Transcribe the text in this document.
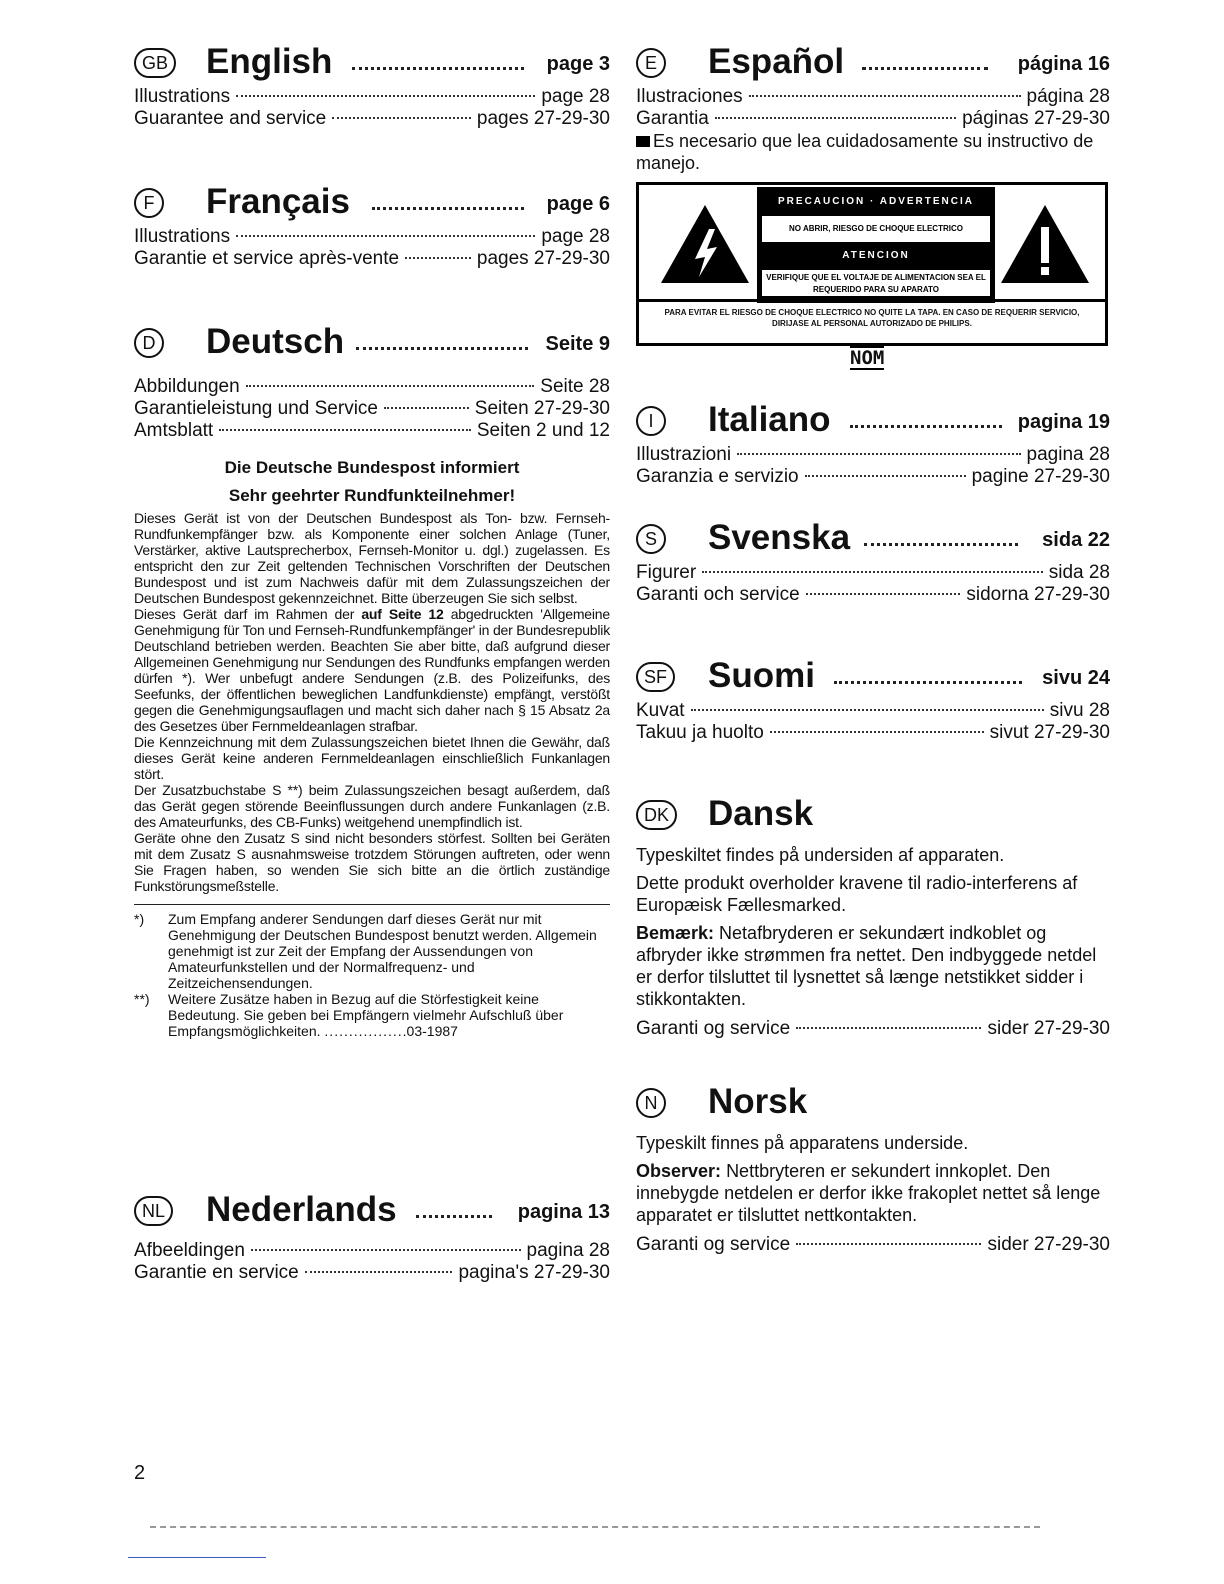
GB English	page 3
Illustrations	page 28
Guarantee and service	pages 27-29-30
F Français	page 6
Illustrations	page 28
Garantie et service après-vente	pages 27-29-30
D Deutsch	Seite 9
Abbildungen	Seite 28
Garantieleistung und Service	Seiten 27-29-30
Amtsblatt	Seiten 2 und 12
Die Deutsche Bundespost informiert
Sehr geehrter Rundfunkteilnehmer!

Dieses Gerät ist von der Deutschen Bundespost als Ton- bzw. Fernseh-Rundfunkempfänger bzw. als Komponente einer solchen Anlage (Tuner, Verstärker, aktive Lautsprecherbox, Fernseh-Monitor u. dgl.) zugelassen. Es entspricht den zur Zeit geltenden Technischen Vorschriften der Deutschen Bundespost und ist zum Nachweis dafür mit dem Zulassungszeichen der Deutschen Bundespost gekennzeichnet. Bitte überzeugen Sie sich selbst.

Dieses Gerät darf im Rahmen der auf Seite 12 abgedruckten 'Allgemeine Genehmigung für Ton und Fernseh-Rundfunkempfänger' in der Bundesrepublik Deutschland betrieben werden. Beachten Sie aber bitte, daß aufgrund dieser Allgemeinen Genehmigung nur Sendungen des Rundfunks empfangen werden dürfen *). Wer unbefugt andere Sendungen (z.B. des Polizeifunks, des Seefunks, der öffentlichen beweglichen Landfunkdienste) empfängt, verstößt gegen die Genehmigungsauflagen und macht sich daher nach § 15 Absatz 2a des Gesetzes über Fernmeldeanlagen strafbar.

Die Kennzeichnung mit dem Zulassungszeichen bietet Ihnen die Gewähr, daß dieses Gerät keine anderen Fernmeldeanlagen einschließlich Funkanlagen stört.

Der Zusatzbuchstabe S **) beim Zulassungszeichen besagt außerdem, daß das Gerät gegen störende Beeinflussungen durch andere Funkanlagen (z.B. des Amateurfunks, des CB-Funks) weitgehend unempfindlich ist.

Geräte ohne den Zusatz S sind nicht besonders störfest. Sollten bei Geräten mit dem Zusatz S ausnahmsweise trotzdem Störungen auftreten, oder wenn Sie Fragen haben, so wenden Sie sich bitte an die örtlich zuständige Funkstörungsmeßstelle.

*)	Zum Empfang anderer Sendungen darf dieses Gerät nur mit Genehmigung der Deutschen Bundespost benutzt werden. Allgemein genehmigt ist zur Zeit der Empfang der Aussendungen von Amateurfunkstellen und der Normalfrequenz- und Zeitzeichensendungen.
**)	Weitere Zusätze haben in Bezug auf die Störfestigkeit keine Bedeutung. Sie geben bei Empfängern vielmehr Aufschluß über Empfangsmöglichkeiten. .................03-1987
NL Nederlands	pagina 13
Afbeeldingen	pagina 28
Garantie en service	pagina's 27-29-30
E Español	página 16
Ilustraciones	página 28
Garantia	páginas 27-29-30
Es necesario que lea cuidadosamente su instructivo de manejo.
PRECAUCION · ADVERTENCIA
NO ABRIR, RIESGO DE CHOQUE ELECTRICO
ATENCION
VERIFIQUE QUE EL VOLTAJE DE ALIMENTACION SEA EL REQUERIDO PARA SU APARATO
PARA EVITAR EL RIESGO DE CHOQUE ELECTRICO NO QUITE LA TAPA. EN CASO DE REQUERIR SERVICIO, DIRIJASE AL PERSONAL AUTORIZADO DE PHILIPS.
NOM
I	Italiano	pagina 19
Illustrazioni	pagina 28
Garanzia e servizio	pagine 27-29-30
S Svenska	sida 22
Figurer	sida 28
Garanti och service	sidorna 27-29-30
SF Suomi	sivu 24
Kuvat	sivu 28
Takuu ja huolto	sivut 27-29-30
DK Dansk

Typeskiltet findes på undersiden af apparaten.

Dette produkt overholder kravene til radio-interferens af Europæisk Fællesmarked.

Bemærk: Netafbryderen er sekundært indkoblet og afbryder ikke strømmen fra nettet. Den indbyggede netdel er derfor tilsluttet til lysnettet så længe netstikket sidder i stikkontakten.

Garanti og service	sider 27-29-30
N Norsk

Typeskilt finnes på apparatens underside.

Observer: Nettbryteren er sekundert innkoplet. Den innebygde netdelen er derfor ikke frakoplet nettet så lenge apparatet er tilsluttet nettkontakten.

Garanti og service	sider 27-29-30
2
